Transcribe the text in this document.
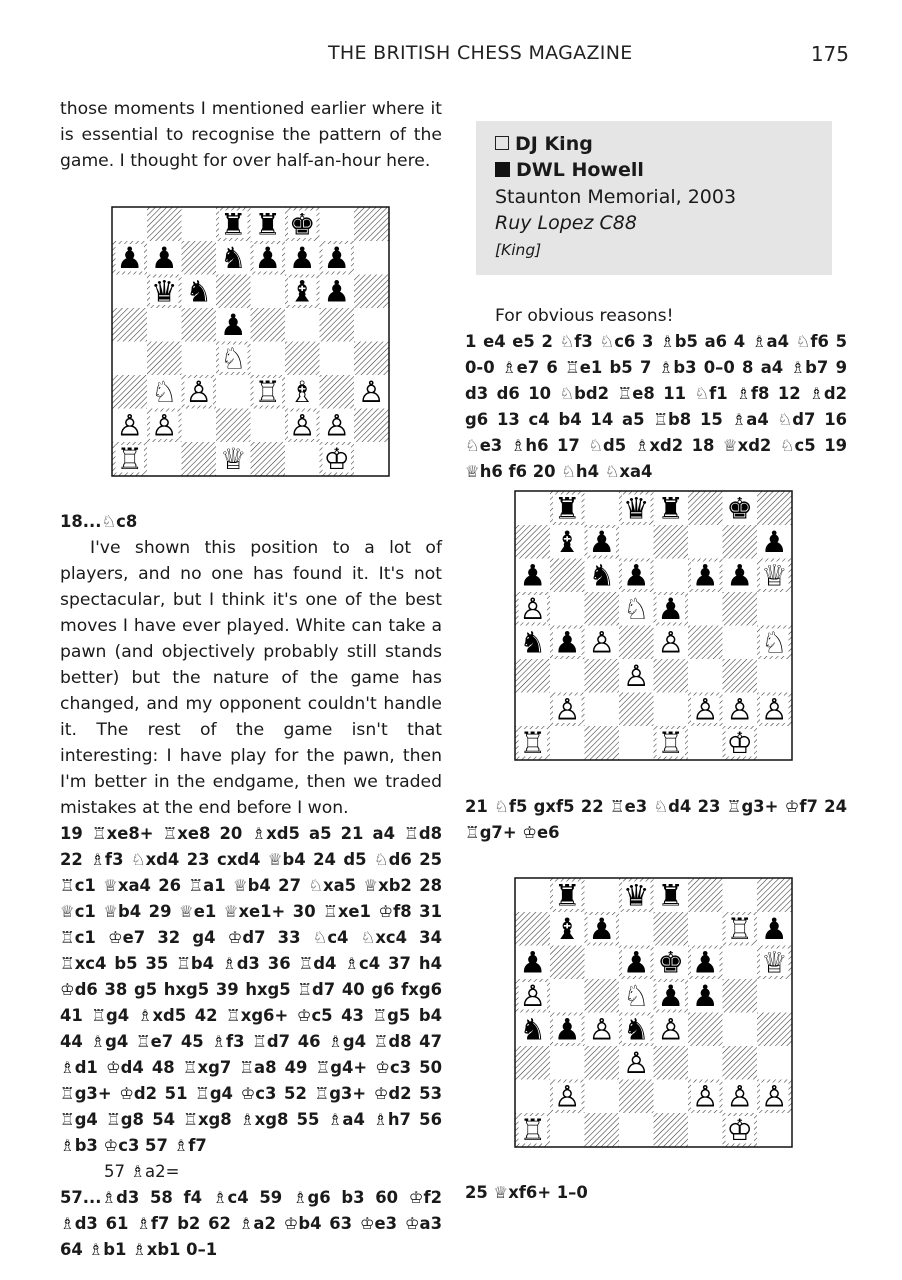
THE BRITISH CHESS MAGAZINE	175

those moments I mentioned earlier where it is essential to recognise the pattern of the game. I thought for over half-an-hour here.

♜ ♜ ♚
♟ ♟ ♞ ♟ ♟ ♟
♛ ♞	♝ ♟
♟
♘
♘ ♙ ♖ ♗ ♙
♙ ♙	♙ ♙
♖	♕	♔

18...♘c8

I've shown this position to a lot of players, and no one has found it. It's not spectacular, but I think it's one of the best moves I have ever played. White can take a pawn (and objectively probably still stands better) but the nature of the game has changed, and my opponent couldn't handle it. The rest of the game isn't that interesting: I have play for the pawn, then I'm better in the endgame, then we traded mistakes at the end before I won.

19 ♖xe8+ ♖xe8 20 ♗xd5 a5 21 a4 ♖d8 22 ♗f3 ♘xd4 23 cxd4 ♕b4 24 d5 ♘d6 25 ♖c1 ♕xa4 26 ♖a1 ♕b4 27 ♘xa5 ♕xb2 28 ♕c1 ♕b4 29 ♕e1 ♕xe1+ 30 ♖xe1 ♔f8 31 ♖c1 ♔e7 32 g4 ♔d7 33 ♘c4 ♘xc4 34 ♖xc4 b5 35 ♖b4 ♗d3 36 ♖d4 ♗c4 37 h4 ♔d6 38 g5 hxg5 39 hxg5 ♖d7 40 g6 fxg6 41 ♖g4 ♗xd5 42 ♖xg6+ ♔c5 43 ♖g5 b4 44 ♗g4 ♖e7 45 ♗f3 ♖d7 46 ♗g4 ♖d8 47 ♗d1 ♔d4 48 ♖xg7 ♖a8 49 ♖g4+ ♔c3 50 ♖g3+ ♔d2 51 ♖g4 ♔c3 52 ♖g3+ ♔d2 53 ♖g4 ♖g8 54 ♖xg8 ♗xg8 55 ♗a4 ♗h7 56 ♗b3 ♔c3 57 ♗f7

57 ♗a2=

57...♗d3 58 f4 ♗c4 59 ♗g6 b3 60 ♔f2 ♗d3 61 ♗f7 b2 62 ♗a2 ♔b4 63 ♔e3 ♔a3 64 ♗b1 ♗xb1 0–1

DJ King
DWL Howell
Staunton Memorial, 2003
Ruy Lopez C88
[King]

For obvious reasons!

1 e4 e5 2 ♘f3 ♘c6 3 ♗b5 a6 4 ♗a4 ♘f6 5 0-0 ♗e7 6 ♖e1 b5 7 ♗b3 0–0 8 a4 ♗b7 9 d3 d6 10 ♘bd2 ♖e8 11 ♘f1 ♗f8 12 ♗d2 g6 13 c4 b4 14 a5 ♖b8 15 ♗a4 ♘d7 16 ♘e3 ♗h6 17 ♘d5 ♗xd2 18 ♕xd2 ♘c5 19 ♕h6 f6 20 ♘h4 ♘xa4

♜ ♛ ♜ ♚
♝ ♟	♟
♟ ♞ ♟ ♟ ♟ ♕
♙	♘ ♟
♞ ♟ ♙ ♙	♘
♙
♙	♙ ♙ ♙
♖	♖ ♔

21 ♘f5 gxf5 22 ♖e3 ♘d4 23 ♖g3+ ♔f7 24 ♖g7+ ♔e6

♜ ♛ ♜
♝ ♟	♖ ♟
♟	♟ ♚ ♟ ♕
♙	♘ ♟ ♟
♞ ♟ ♙ ♞ ♙
♙
♙	♙ ♙ ♙
♖	♔

25 ♕xf6+ 1–0
